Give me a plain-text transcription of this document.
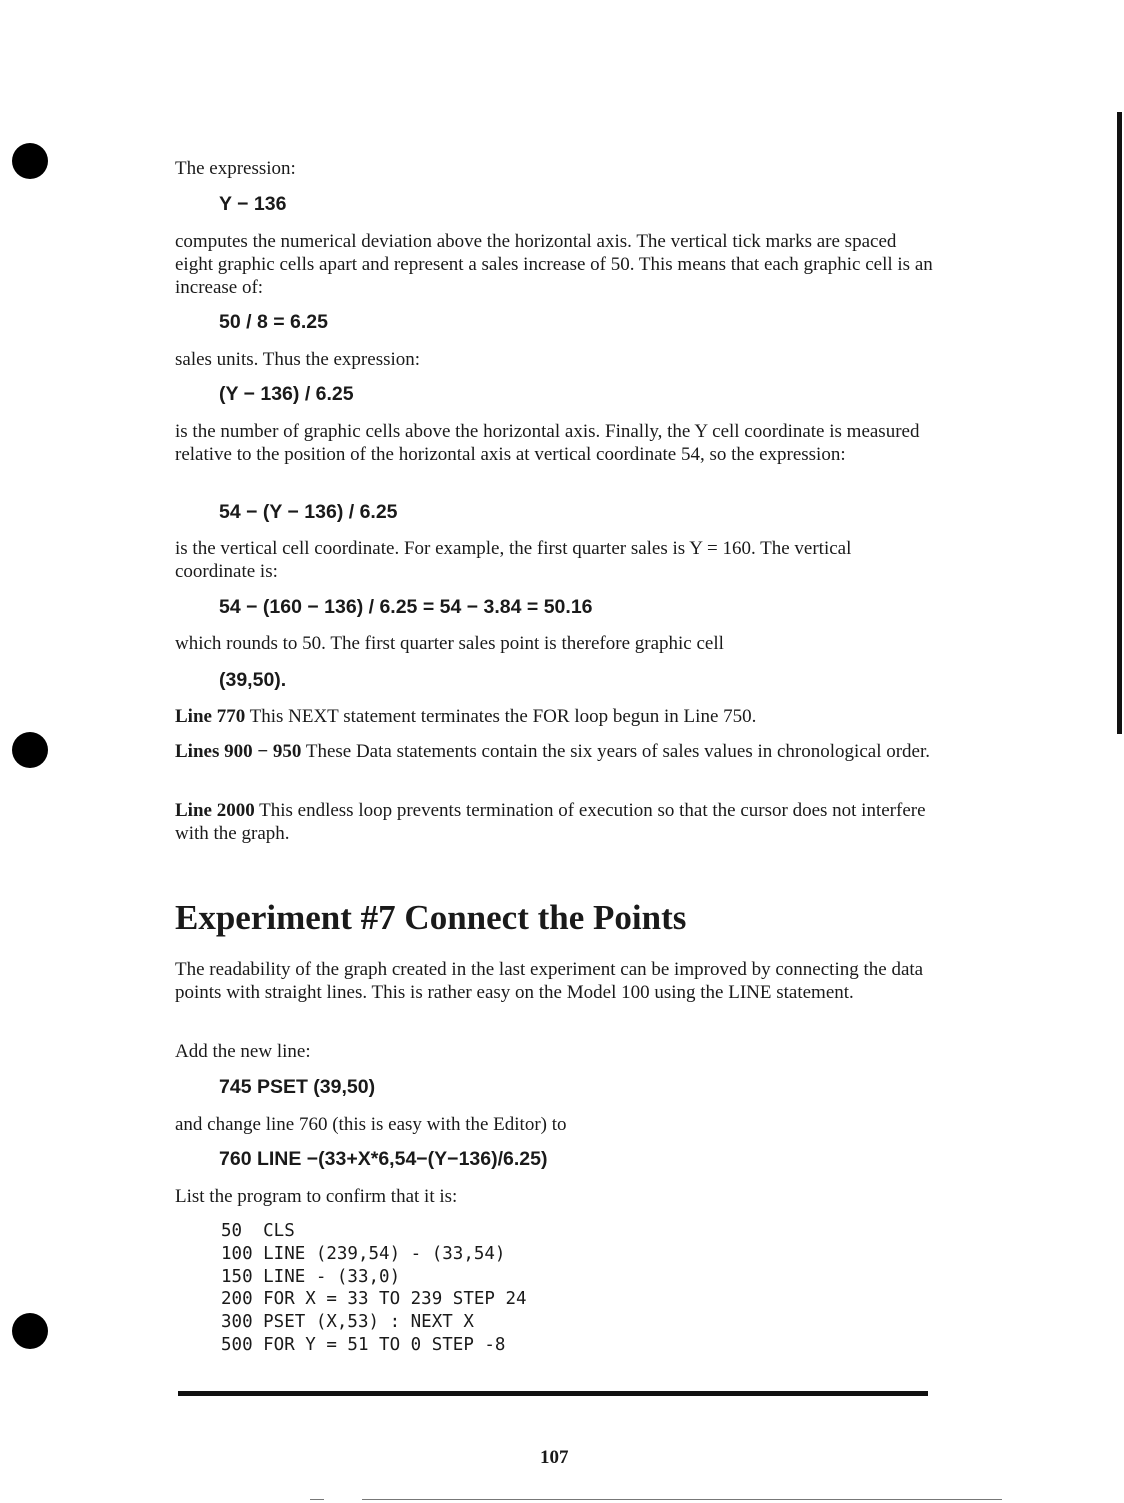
The expression:

Y − 136

computes the numerical deviation above the horizontal axis. The vertical tick marks are spaced eight graphic cells apart and represent a sales increase of 50. This means that each graphic cell is an increase of:

50 / 8 = 6.25

sales units. Thus the expression:

(Y − 136) / 6.25

is the number of graphic cells above the horizontal axis. Finally, the Y cell coordinate is measured relative to the position of the horizontal axis at vertical coordinate 54, so the expression:

54 − (Y − 136) / 6.25

is the vertical cell coordinate. For example, the first quarter sales is Y = 160. The vertical coordinate is:

54 − (160 − 136) / 6.25 = 54 − 3.84 = 50.16

which rounds to 50. The first quarter sales point is therefore graphic cell

(39,50).

Line 770 This NEXT statement terminates the FOR loop begun in Line 750.

Lines 900 − 950 These Data statements contain the six years of sales values in chronological order.

Line 2000 This endless loop prevents termination of execution so that the cursor does not interfere with the graph.

Experiment #7 Connect the Points

The readability of the graph created in the last experiment can be improved by connecting the data points with straight lines. This is rather easy on the Model 100 using the LINE statement.

Add the new line:

745 PSET (39,50)

and change line 760 (this is easy with the Editor) to

760 LINE −(33+X*6,54−(Y−136)/6.25)

List the program to confirm that it is:

50  CLS
100 LINE (239,54) - (33,54)
150 LINE - (33,0)
200 FOR X = 33 TO 239 STEP 24
300 PSET (X,53) : NEXT X
500 FOR Y = 51 TO 0 STEP -8
107
